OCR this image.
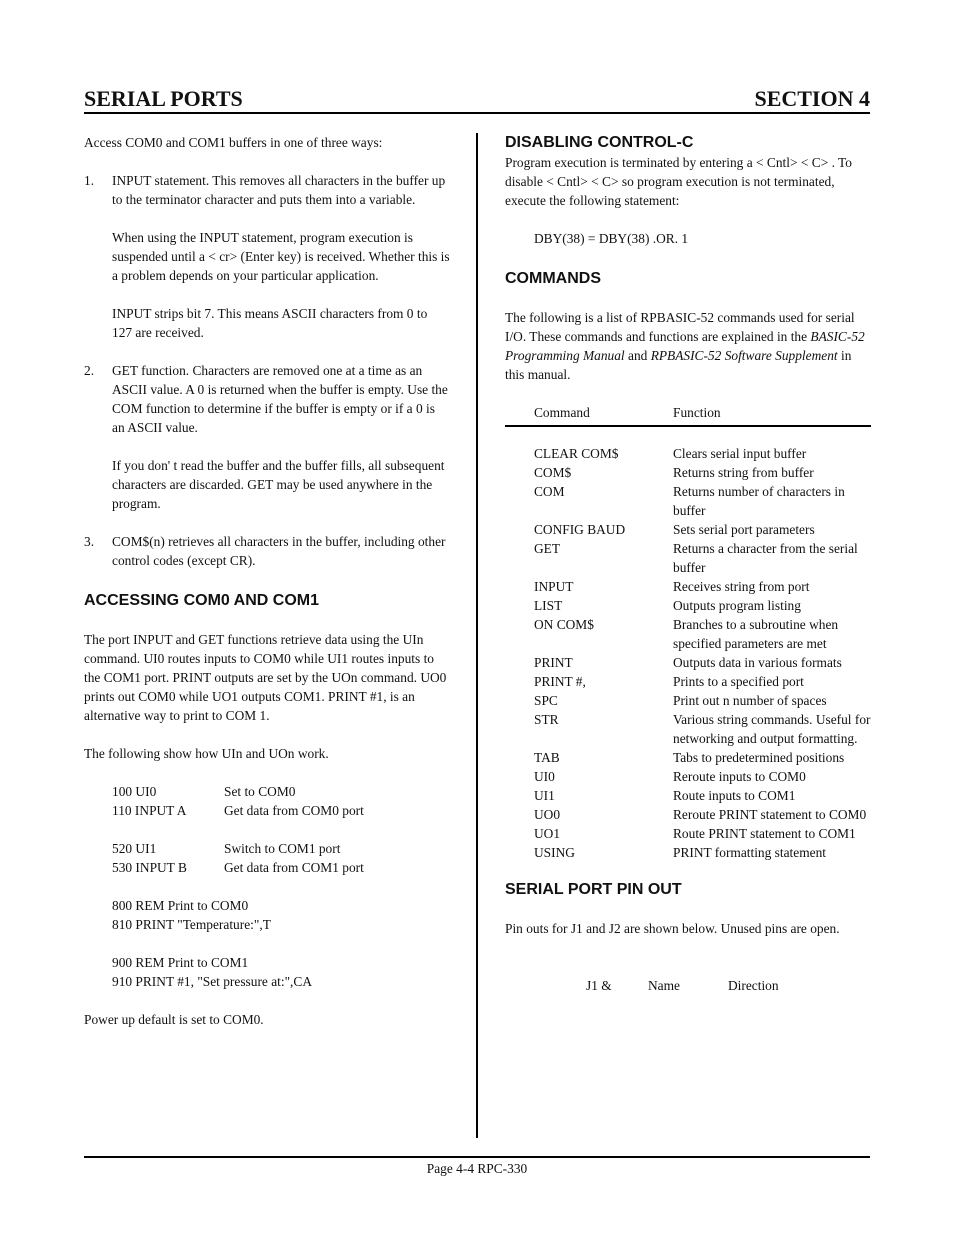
SERIAL PORTS	SECTION 4

Access COM0 and COM1 buffers in one of three ways:

1. INPUT statement. This removes all characters in the buffer up to the terminator character and puts them into a variable.

When using the INPUT statement, program execution is suspended until a < cr> (Enter key) is received. Whether this is a problem depends on your particular application.

INPUT strips bit 7. This means ASCII characters from 0 to 127 are received.

2. GET function. Characters are removed one at a time as an ASCII value. A 0 is returned when the buffer is empty. Use the COM function to determine if the buffer is empty or if a 0 is an ASCII value.

If you don' t read the buffer and the buffer fills, all subsequent characters are discarded. GET may be used anywhere in the program.

3. COM$(n) retrieves all characters in the buffer, including other control codes (except CR).

ACCESSING COM0 AND COM1

The port INPUT and GET functions retrieve data using the UIn command. UI0 routes inputs to COM0 while UI1 routes inputs to the COM1 port. PRINT outputs are set by the UOn command. UO0 prints out COM0 while UO1 outputs COM1. PRINT #1, is an alternative way to print to COM 1.

The following show how UIn and UOn work.

100 UI0	Set to COM0
110 INPUT A	Get data from COM0 port
520 UI1	Switch to COM1 port
530 INPUT B	Get data from COM1 port
800 REM Print to COM0
810 PRINT "Temperature:",T
900 REM Print to COM1
910 PRINT #1, "Set pressure at:",CA

Power up default is set to COM0.

DISABLING CONTROL-C

Program execution is terminated by entering a < Cntl> < C> . To disable < Cntl> < C> so program execution is not terminated, execute the following statement:

DBY(38) = DBY(38) .OR. 1

COMMANDS

The following is a list of RPBASIC-52 commands used for serial I/O. These commands and functions are explained in the BASIC-52 Programming Manual and RPBASIC-52 Software Supplement in this manual.

Command	Function
CLEAR COM$	Clears serial input buffer
COM$	Returns string from buffer
COM	Returns number of characters in buffer
CONFIG BAUD	Sets serial port parameters
GET	Returns a character from the serial buffer
INPUT	Receives string from port
LIST	Outputs program listing
ON COM$	Branches to a subroutine when specified parameters are met
PRINT	Outputs data in various formats
PRINT #,	Prints to a specified port
SPC	Print out n number of spaces
STR	Various string commands. Useful for networking and output formatting.
TAB	Tabs to predetermined positions
UI0	Reroute inputs to COM0
UI1	Route inputs to COM1
UO0	Reroute PRINT statement to COM0
UO1	Route PRINT statement to COM1
USING	PRINT formatting statement
SERIAL PORT PIN OUT

Pin outs for J1 and J2 are shown below. Unused pins are open.

J1 &	Name	Direction
Page 4-4 RPC-330
